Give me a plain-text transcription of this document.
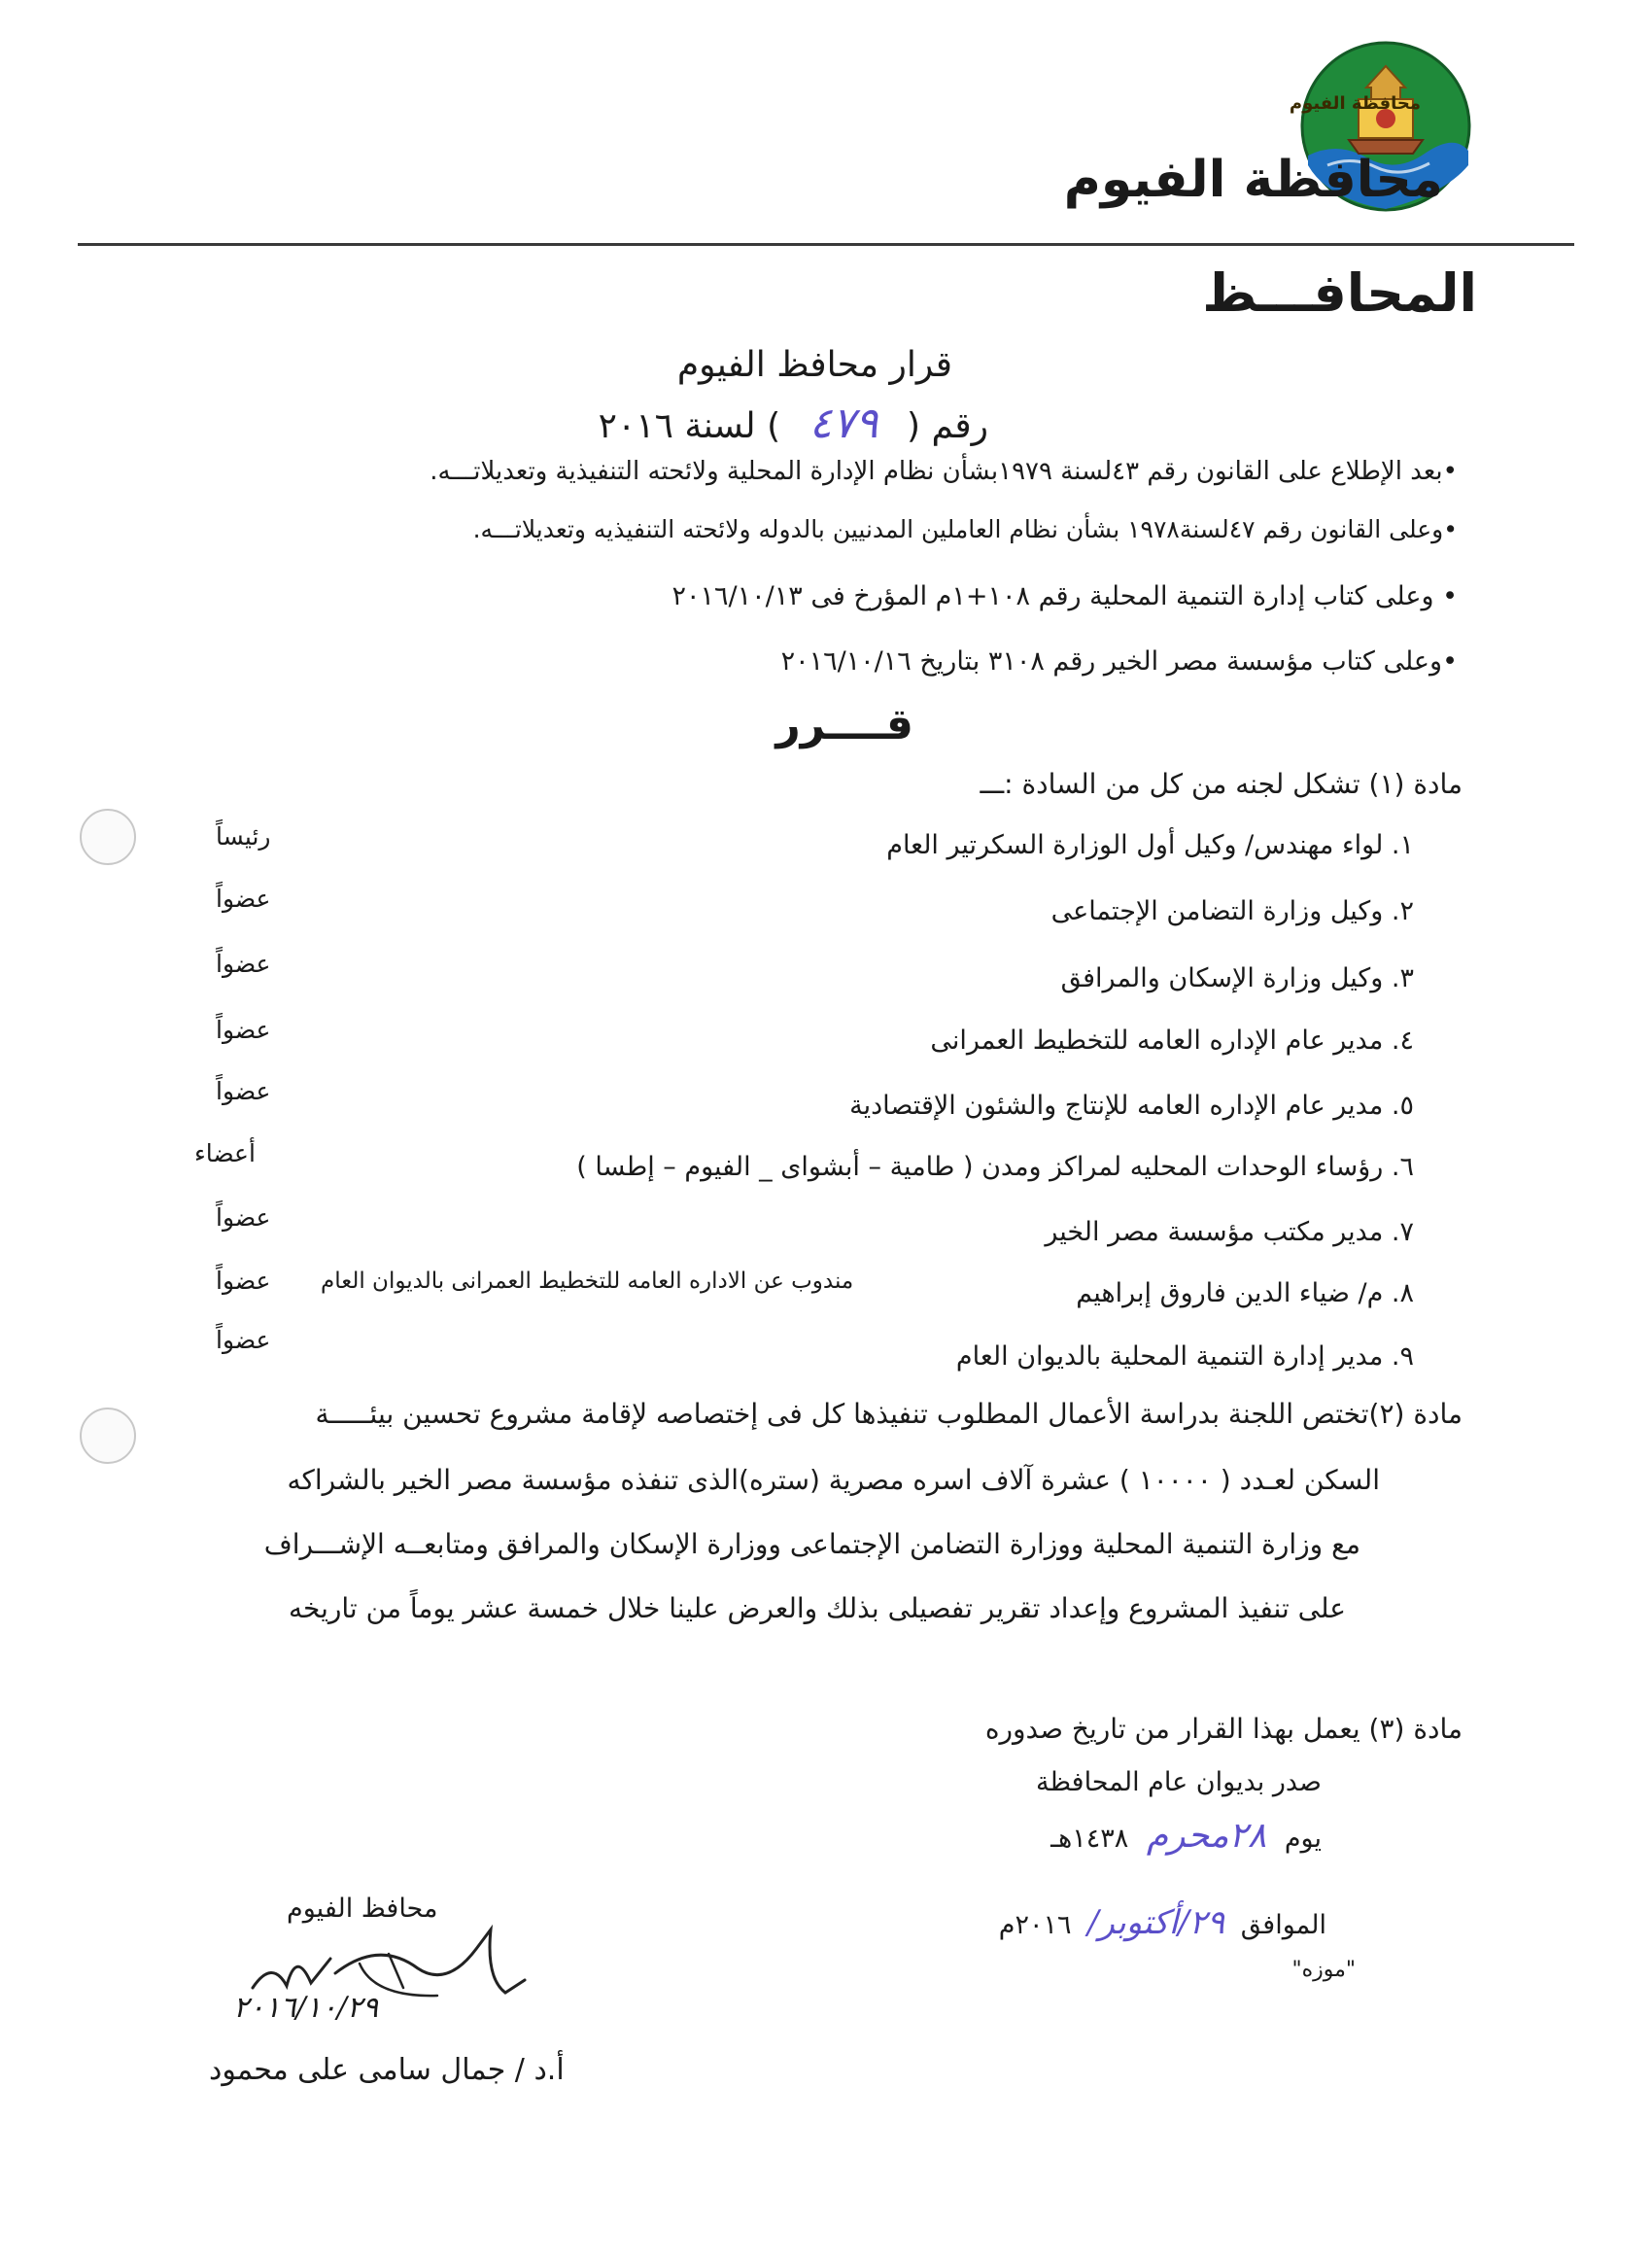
محافظة الفيوم
محافظة الفيوم
المحافـــظ
قرار محافظ الفيوم
رقم ( ٤٧٩ ) لسنة ٢٠١٦
•بعد الإطلاع على القانون رقم ٤٣لسنة ١٩٧٩بشأن نظام الإدارة المحلية ولائحته التنفيذية وتعديلاتـــه.
•وعلى القانون رقم ٤٧لسنة١٩٧٨ بشأن نظام العاملين المدنيين بالدوله ولائحته التنفيذيه وتعديلاتـــه.
• وعلى كتاب إدارة التنمية المحلية رقم ١٠٨+١م المؤرخ فى ٢٠١٦/١٠/١٣
•وعلى كتاب مؤسسة مصر الخير رقم ٣١٠٨ بتاريخ ٢٠١٦/١٠/١٦
قــــرر
مادة (١) تشكل لجنه من كل من السادة :ـــ
١. لواء مهندس/ وكيل أول الوزارة السكرتير العام
رئيساً
٢. وكيل وزارة التضامن الإجتماعى
عضواً
٣. وكيل وزارة الإسكان والمرافق
عضواً
٤. مدير عام الإداره العامه للتخطيط العمرانى
عضواً
٥. مدير عام الإداره العامه للإنتاج والشئون الإقتصادية
عضواً
٦. رؤساء الوحدات المحليه لمراكز ومدن ( طامية – أبشواى _ الفيوم – إطسا )
أعضاء
٧. مدير مكتب مؤسسة مصر الخير
عضواً
٨. م/ ضياء الدين فاروق إبراهيم
مندوب عن الاداره العامه للتخطيط العمرانى بالديوان العام
عضواً
٩. مدير إدارة التنمية المحلية بالديوان العام
عضواً
مادة (٢)تختص اللجنة بدراسة الأعمال المطلوب تنفيذها كل فى إختصاصه لإقامة مشروع تحسين بيئـــــة
السكن لعـدد ( ١٠٠٠٠ ) عشرة آلاف اسره مصرية (ستره)الذى تنفذه مؤسسة مصر الخير بالشراكه
مع وزارة التنمية المحلية ووزارة التضامن الإجتماعى ووزارة الإسكان والمرافق ومتابعــه الإشـــراف
على تنفيذ المشروع وإعداد تقرير تفصيلى بذلك والعرض علينا خلال خمسة عشر يوماً من تاريخه
مادة (٣) يعمل بهذا القرار من تاريخ صدوره
صدر بديوان عام المحافظة
يوم ٢٨محرم ١٤٣٨هـ
الموافق ٢٩/أكتوبر/ ٢٠١٦م
"موزه"
محافظ الفيوم
٢٠١٦/١٠/٢٩
أ.د / جمال سامى على محمود
